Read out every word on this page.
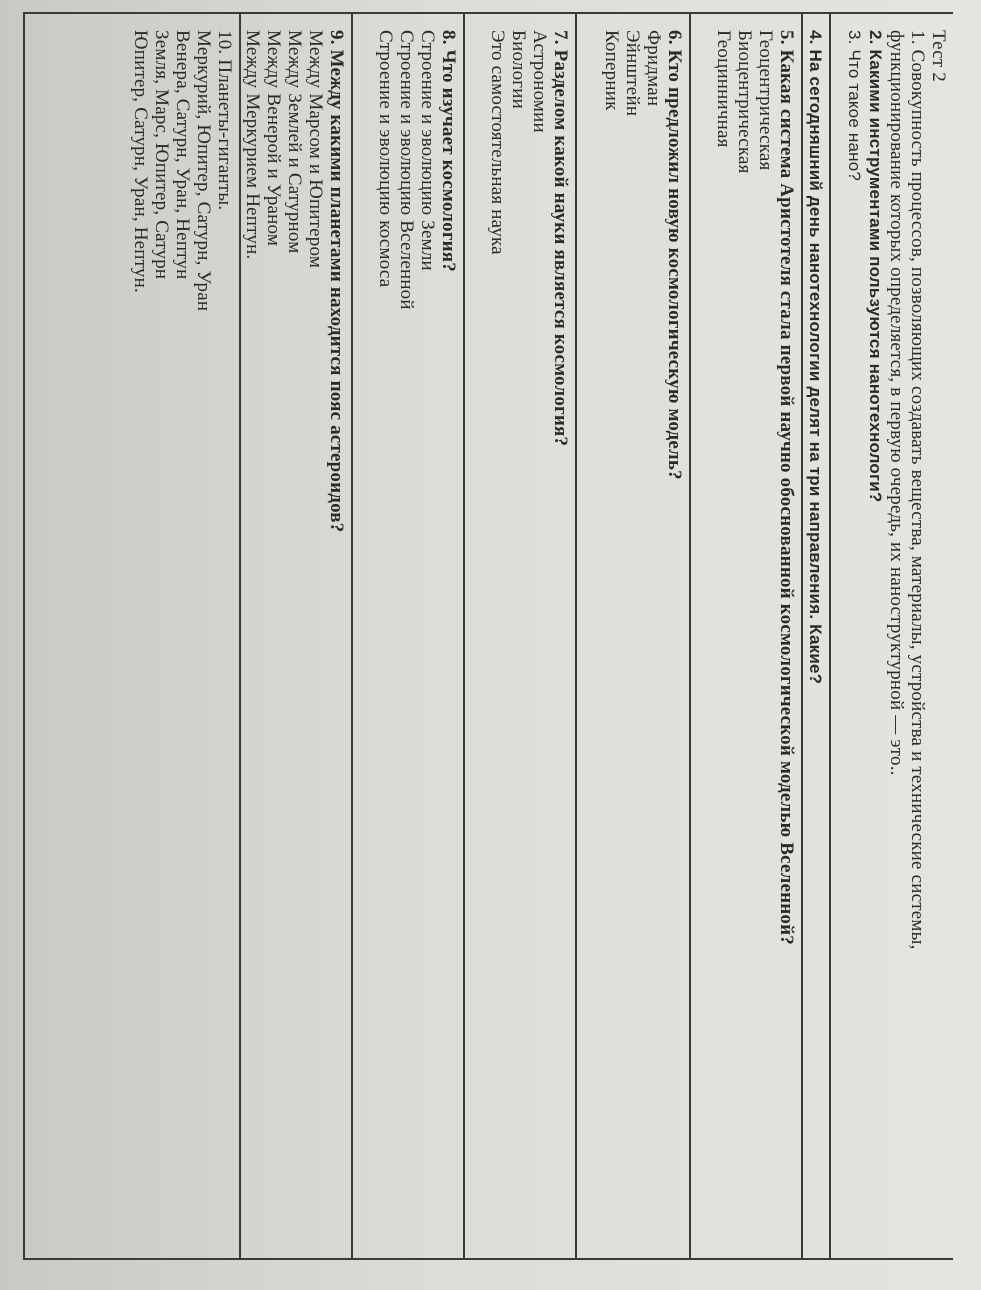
Тест 2
1. Совокупность процессов, позволяющих создавать вещества, материалы, устройства и технические системы,
функционирование которых определяется, в первую очередь, их наноструктурной — это..
2. Какими инструментами пользуются нанотехнологи?
3. Что такое нано?
4. На сегодняшний день нанотехнологии делят на три направления. Какие?
5. Какая система Аристотеля стала первой научно обоснованной космологической моделью Вселенной?
Геоцентрическая
Биоцентрическая
Геоцинничная
6. Кто предложил новую космологическую модель?
Фридман
Эйнштейн
Коперник
7. Разделом какой науки является космология?
Астрономии
Биологии
Это самостоятельная наука
8. Что изучает космология?
Строение и эволюцию Земли
Строение и эволюцию Вселенной
Строение и эволюцию космоса
9. Между какими планетами находится пояс астероидов?
Между Марсом и Юпитером
Между Землей и Сатурном
Между Венерой и Ураном
Между Меркурием Нептун.
10. Планеты-гиганты.
Меркурий, Юпитер, Сатурн, Уран
Венера, Сатурн, Уран, Нептун
Земля, Марс, Юпитер, Сатурн
Юпитер, Сатурн, Уран, Нептун.
